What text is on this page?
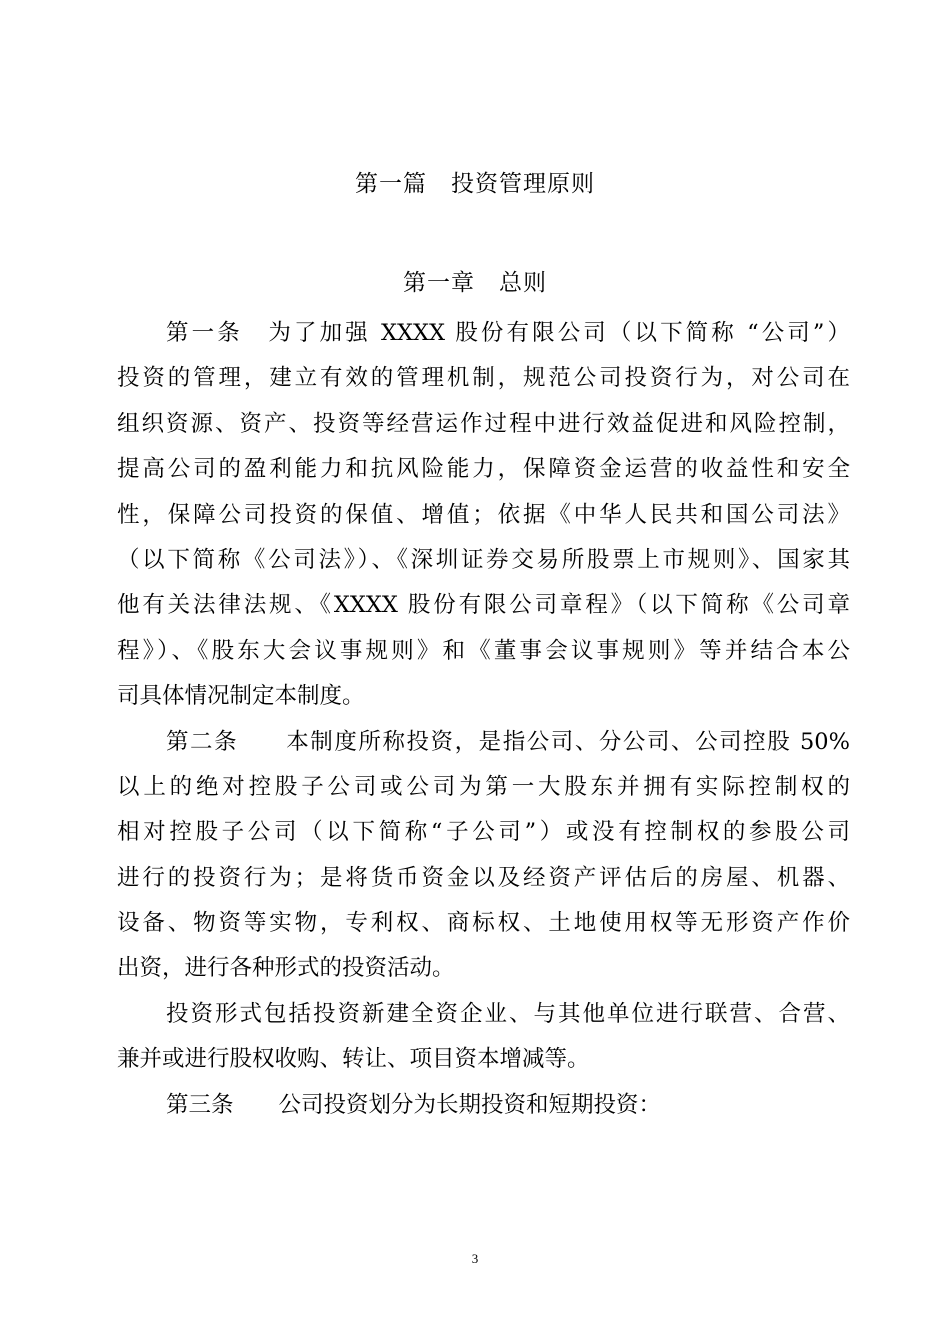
第一篇　投资管理原则
第一章　总则
第一条　为了加强 XXXX 股份有限公司（以下简称 “公司”）
投资的管理，建立有效的管理机制，规范公司投资行为，对公司在
组织资源、资产、投资等经营运作过程中进行效益促进和风险控制，
提高公司的盈利能力和抗风险能力，保障资金运营的收益性和安全
性，保障公司投资的保值、增值；依据《中华人民共和国公司法》
（以下简称《公司法》）、《深圳证券交易所股票上市规则》、国家其
他有关法律法规、《XXXX 股份有限公司章程》（以下简称《公司章
程》）、《股东大会议事规则》和《董事会议事规则》等并结合本公
司具体情况制定本制度。
第二条　　本制度所称投资，是指公司、分公司、公司控股 50%
以上的绝对控股子公司或公司为第一大股东并拥有实际控制权的
相对控股子公司（以下简称“子公司”）或没有控制权的参股公司
进行的投资行为；是将货币资金以及经资产评估后的房屋、机器、
设备、物资等实物，专利权、商标权、土地使用权等无形资产作价
出资，进行各种形式的投资活动。
投资形式包括投资新建全资企业、与其他单位进行联营、合营、
兼并或进行股权收购、转让、项目资本增减等。
第三条　　公司投资划分为长期投资和短期投资：
3
